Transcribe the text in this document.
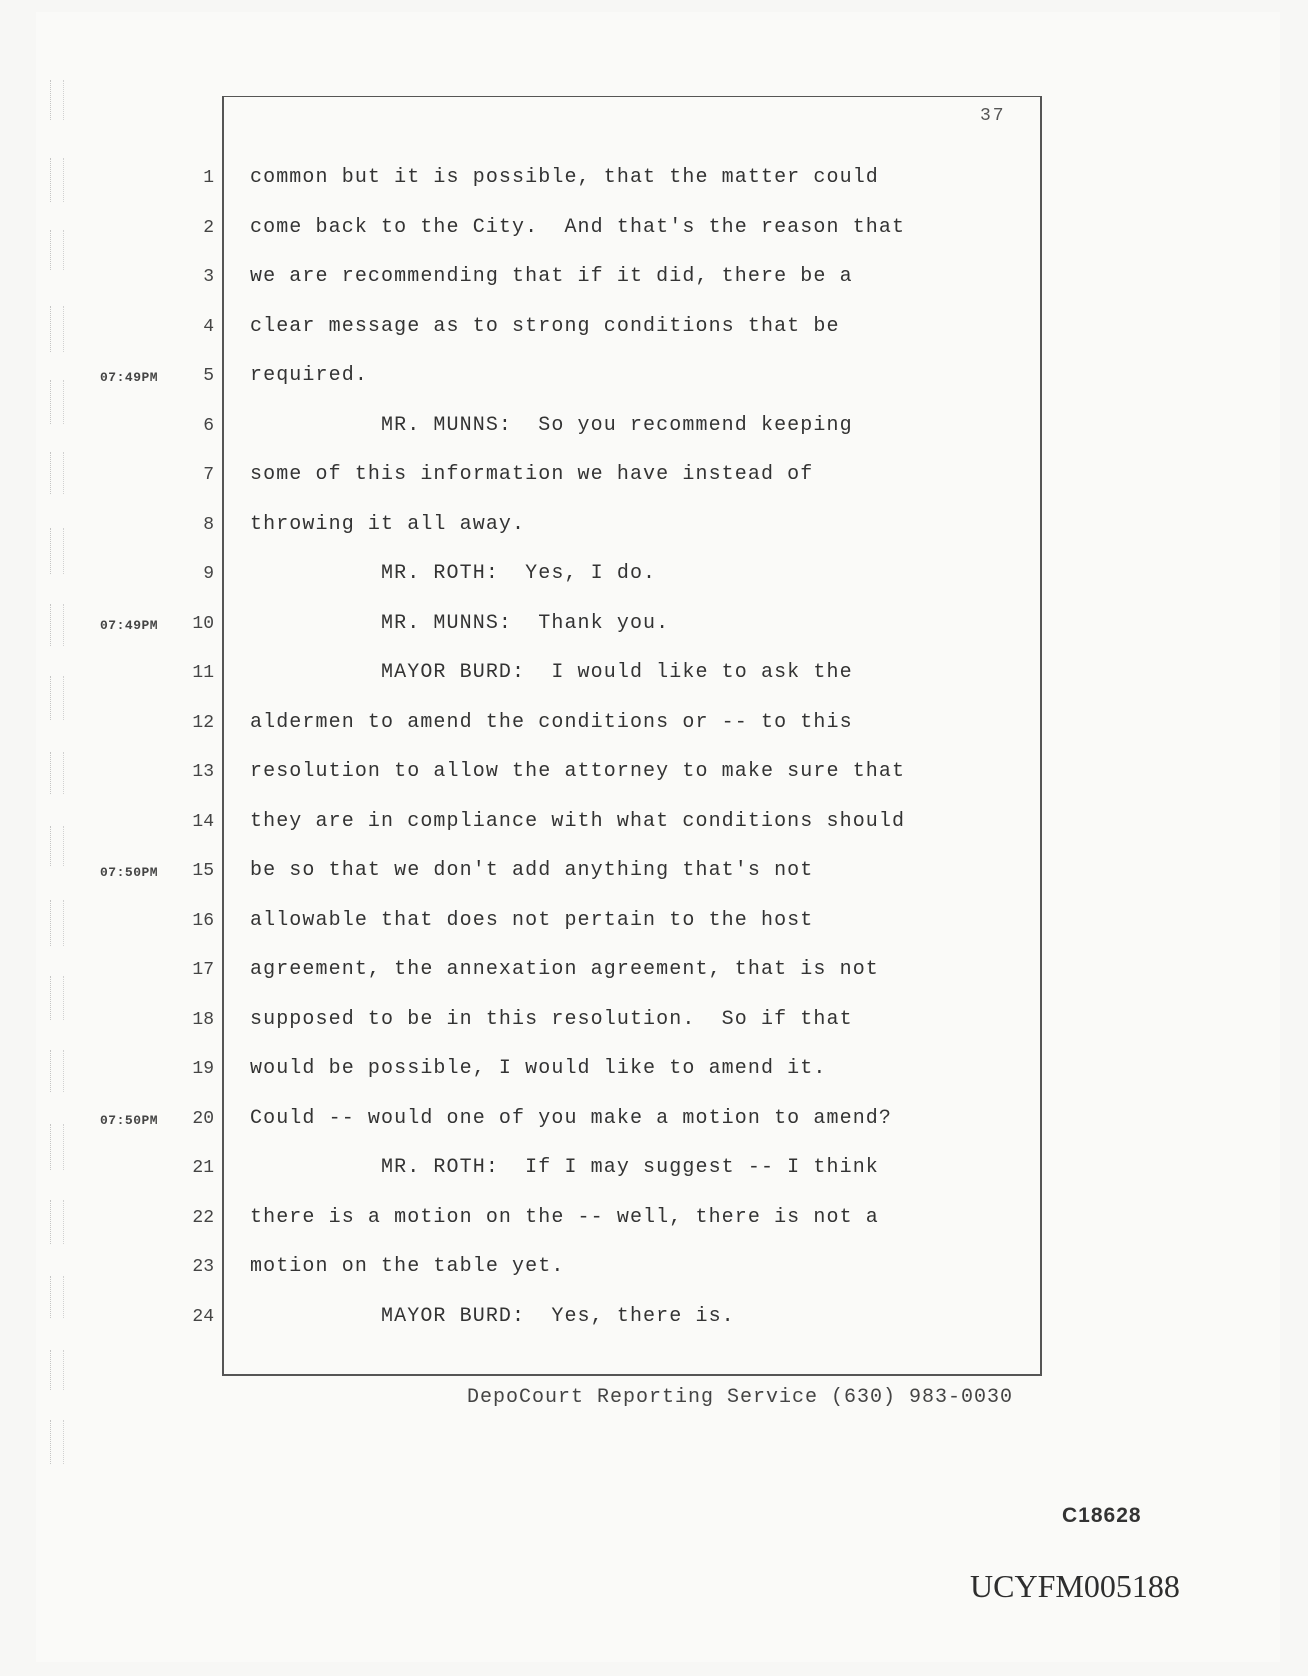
37
1 common but it is possible, that the matter could
2 come back to the City.  And that's the reason that
3 we are recommending that if it did, there be a
4 clear message as to strong conditions that be
5
07:49PM	required.
6 MR. MUNNS:  So you recommend keeping
7 some of this information we have instead of
8 throwing it all away.
9 MR. ROTH:  Yes, I do.
10
07:49PM	MR. MUNNS:  Thank you.
11 MAYOR BURD:  I would like to ask the
12 aldermen to amend the conditions or -- to this
13 resolution to allow the attorney to make sure that
14 they are in compliance with what conditions should
15
07:50PM	be so that we don't add anything that's not
16 allowable that does not pertain to the host
17 agreement, the annexation agreement, that is not
18 supposed to be in this resolution.  So if that
19 would be possible, I would like to amend it.
20
07:50PM	Could -- would one of you make a motion to amend?
21 MR. ROTH:  If I may suggest -- I think
22 there is a motion on the -- well, there is not a
23 motion on the table yet.
24 MAYOR BURD:  Yes, there is.
DepoCourt Reporting Service (630) 983-0030
C18628
UCYFM005188
